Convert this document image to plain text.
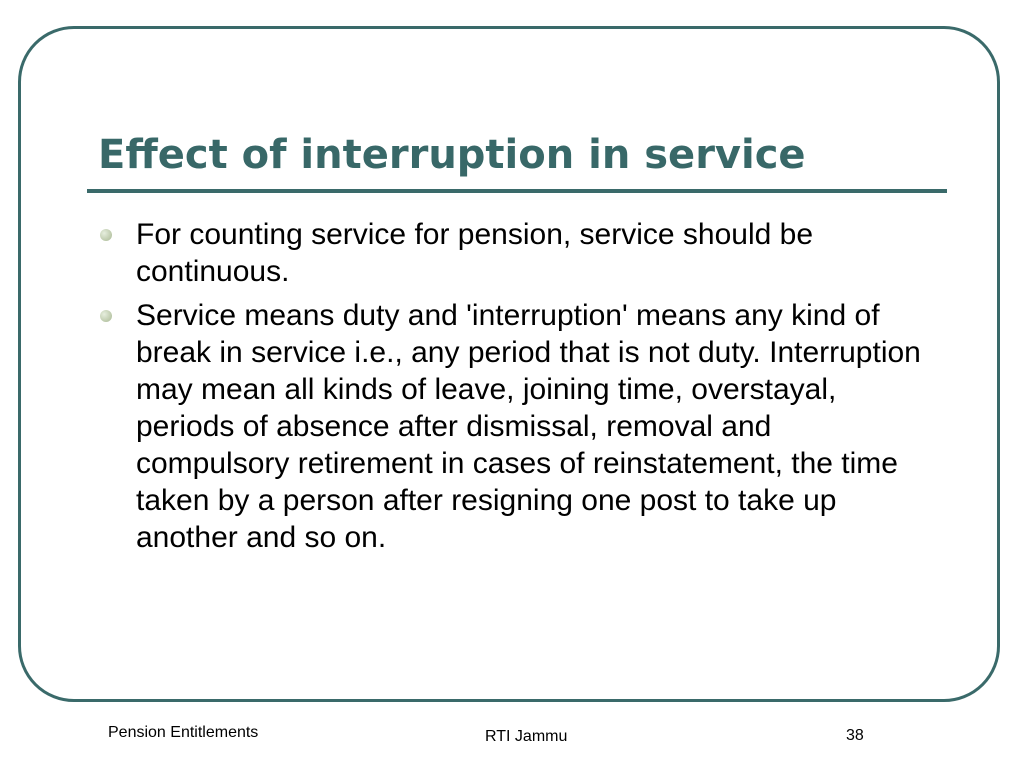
Effect of interruption in service
For counting service for pension, service should be continuous.
Service means duty and 'interruption' means any kind of break in service i.e., any period that is not duty. Interruption may mean all kinds of leave, joining time, overstayal, periods of absence after dismissal, removal and compulsory retirement in cases of reinstatement, the time taken by a person after resigning one post to take up another and so on.
Pension Entitlements	RTI Jammu	38
